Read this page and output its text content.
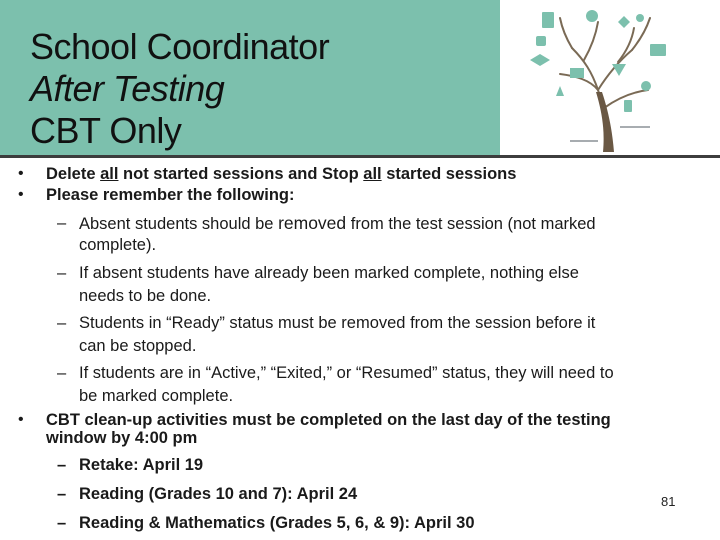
School Coordinator
After Testing
CBT Only
• Delete all not started sessions and Stop all started sessions
• Please remember the following:
– Absent students should be removed from the test session (not marked
complete).
– If absent students have already been marked complete, nothing else
needs to be done.
– Students in “Ready” status must be removed from the session before it
can be stopped.
– If students are in “Active,” “Exited,” or “Resumed” status, they will need to
be marked complete.
• CBT clean-up activities must be completed on the last day of the testing
window by 4:00 pm
– Retake: April 19
– Reading (Grades 10 and 7): April 24
– Reading & Mathematics (Grades 5, 6, & 9): April 30
81
